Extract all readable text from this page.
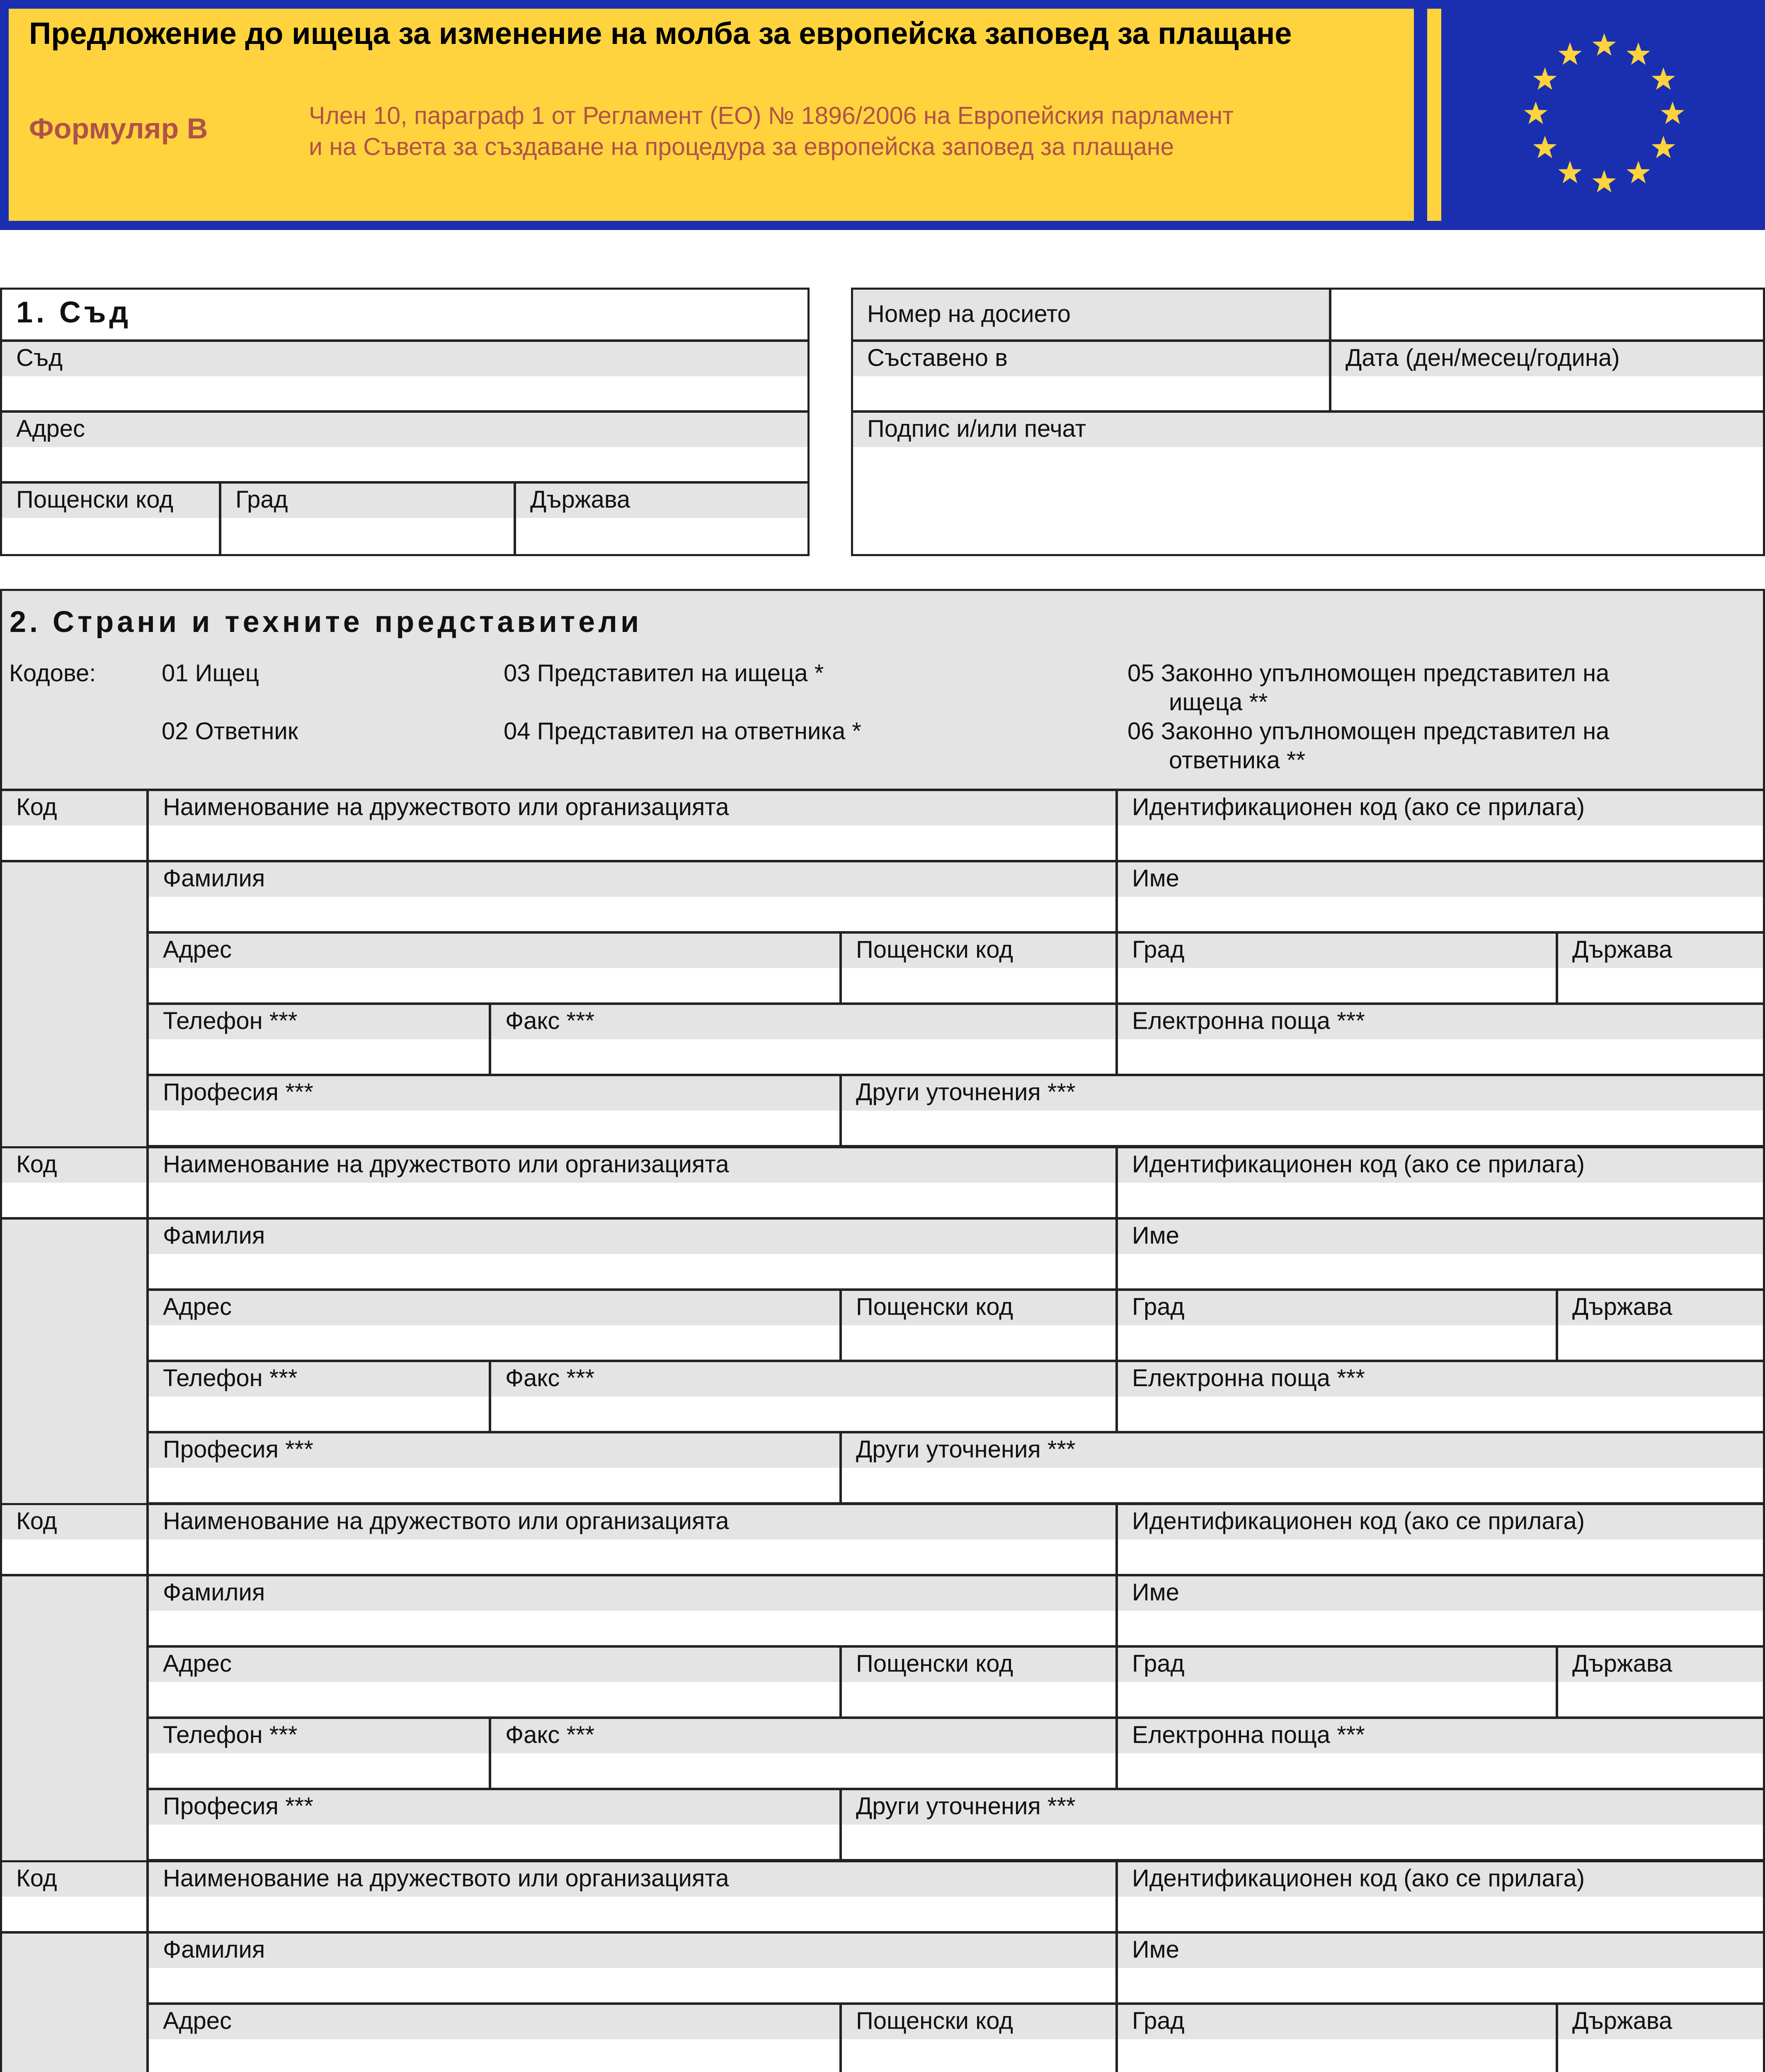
Предложение до ищеца за изменение на молба за европейска заповед за плащане
Формуляр В	Член 10, параграф 1 от Регламент (ЕО) № 1896/2006 на Европейския парламент
и на Съвета за създаване на процедура за европейска заповед за плащане
1. Съд
Съд
Адрес
Пощенски код	Град	Държава
Номер на досието
Съставено в	Дата (ден/месец/година)
Подпис и/или печат
2. Страни и техните представители
Кодове:	01 Ищец
02 Ответник
03 Представител на ищеца *
04 Представител на ответника *
05 Законно упълномощен представител на
ищеца **
06 Законно упълномощен представител на
ответника **
Код	Наименование на дружеството или организацията	Идентификационен код (ако се прилага)
Фамилия	Име
Адрес	Пощенски код	Град	Държава
Телефон ***	Факс ***	Електронна поща ***
Професия ***	Други уточнения ***
Код	Наименование на дружеството или организацията	Идентификационен код (ако се прилага)
Фамилия	Име
Адрес	Пощенски код	Град	Държава
Телефон ***	Факс ***	Електронна поща ***
Професия ***	Други уточнения ***
Код	Наименование на дружеството или организацията	Идентификационен код (ако се прилага)
Фамилия	Име
Адрес	Пощенски код	Град	Държава
Телефон ***	Факс ***	Електронна поща ***
Професия ***	Други уточнения ***
Код	Наименование на дружеството или организацията	Идентификационен код (ако се прилага)
Фамилия	Име
Адрес	Пощенски код	Град	Държава
